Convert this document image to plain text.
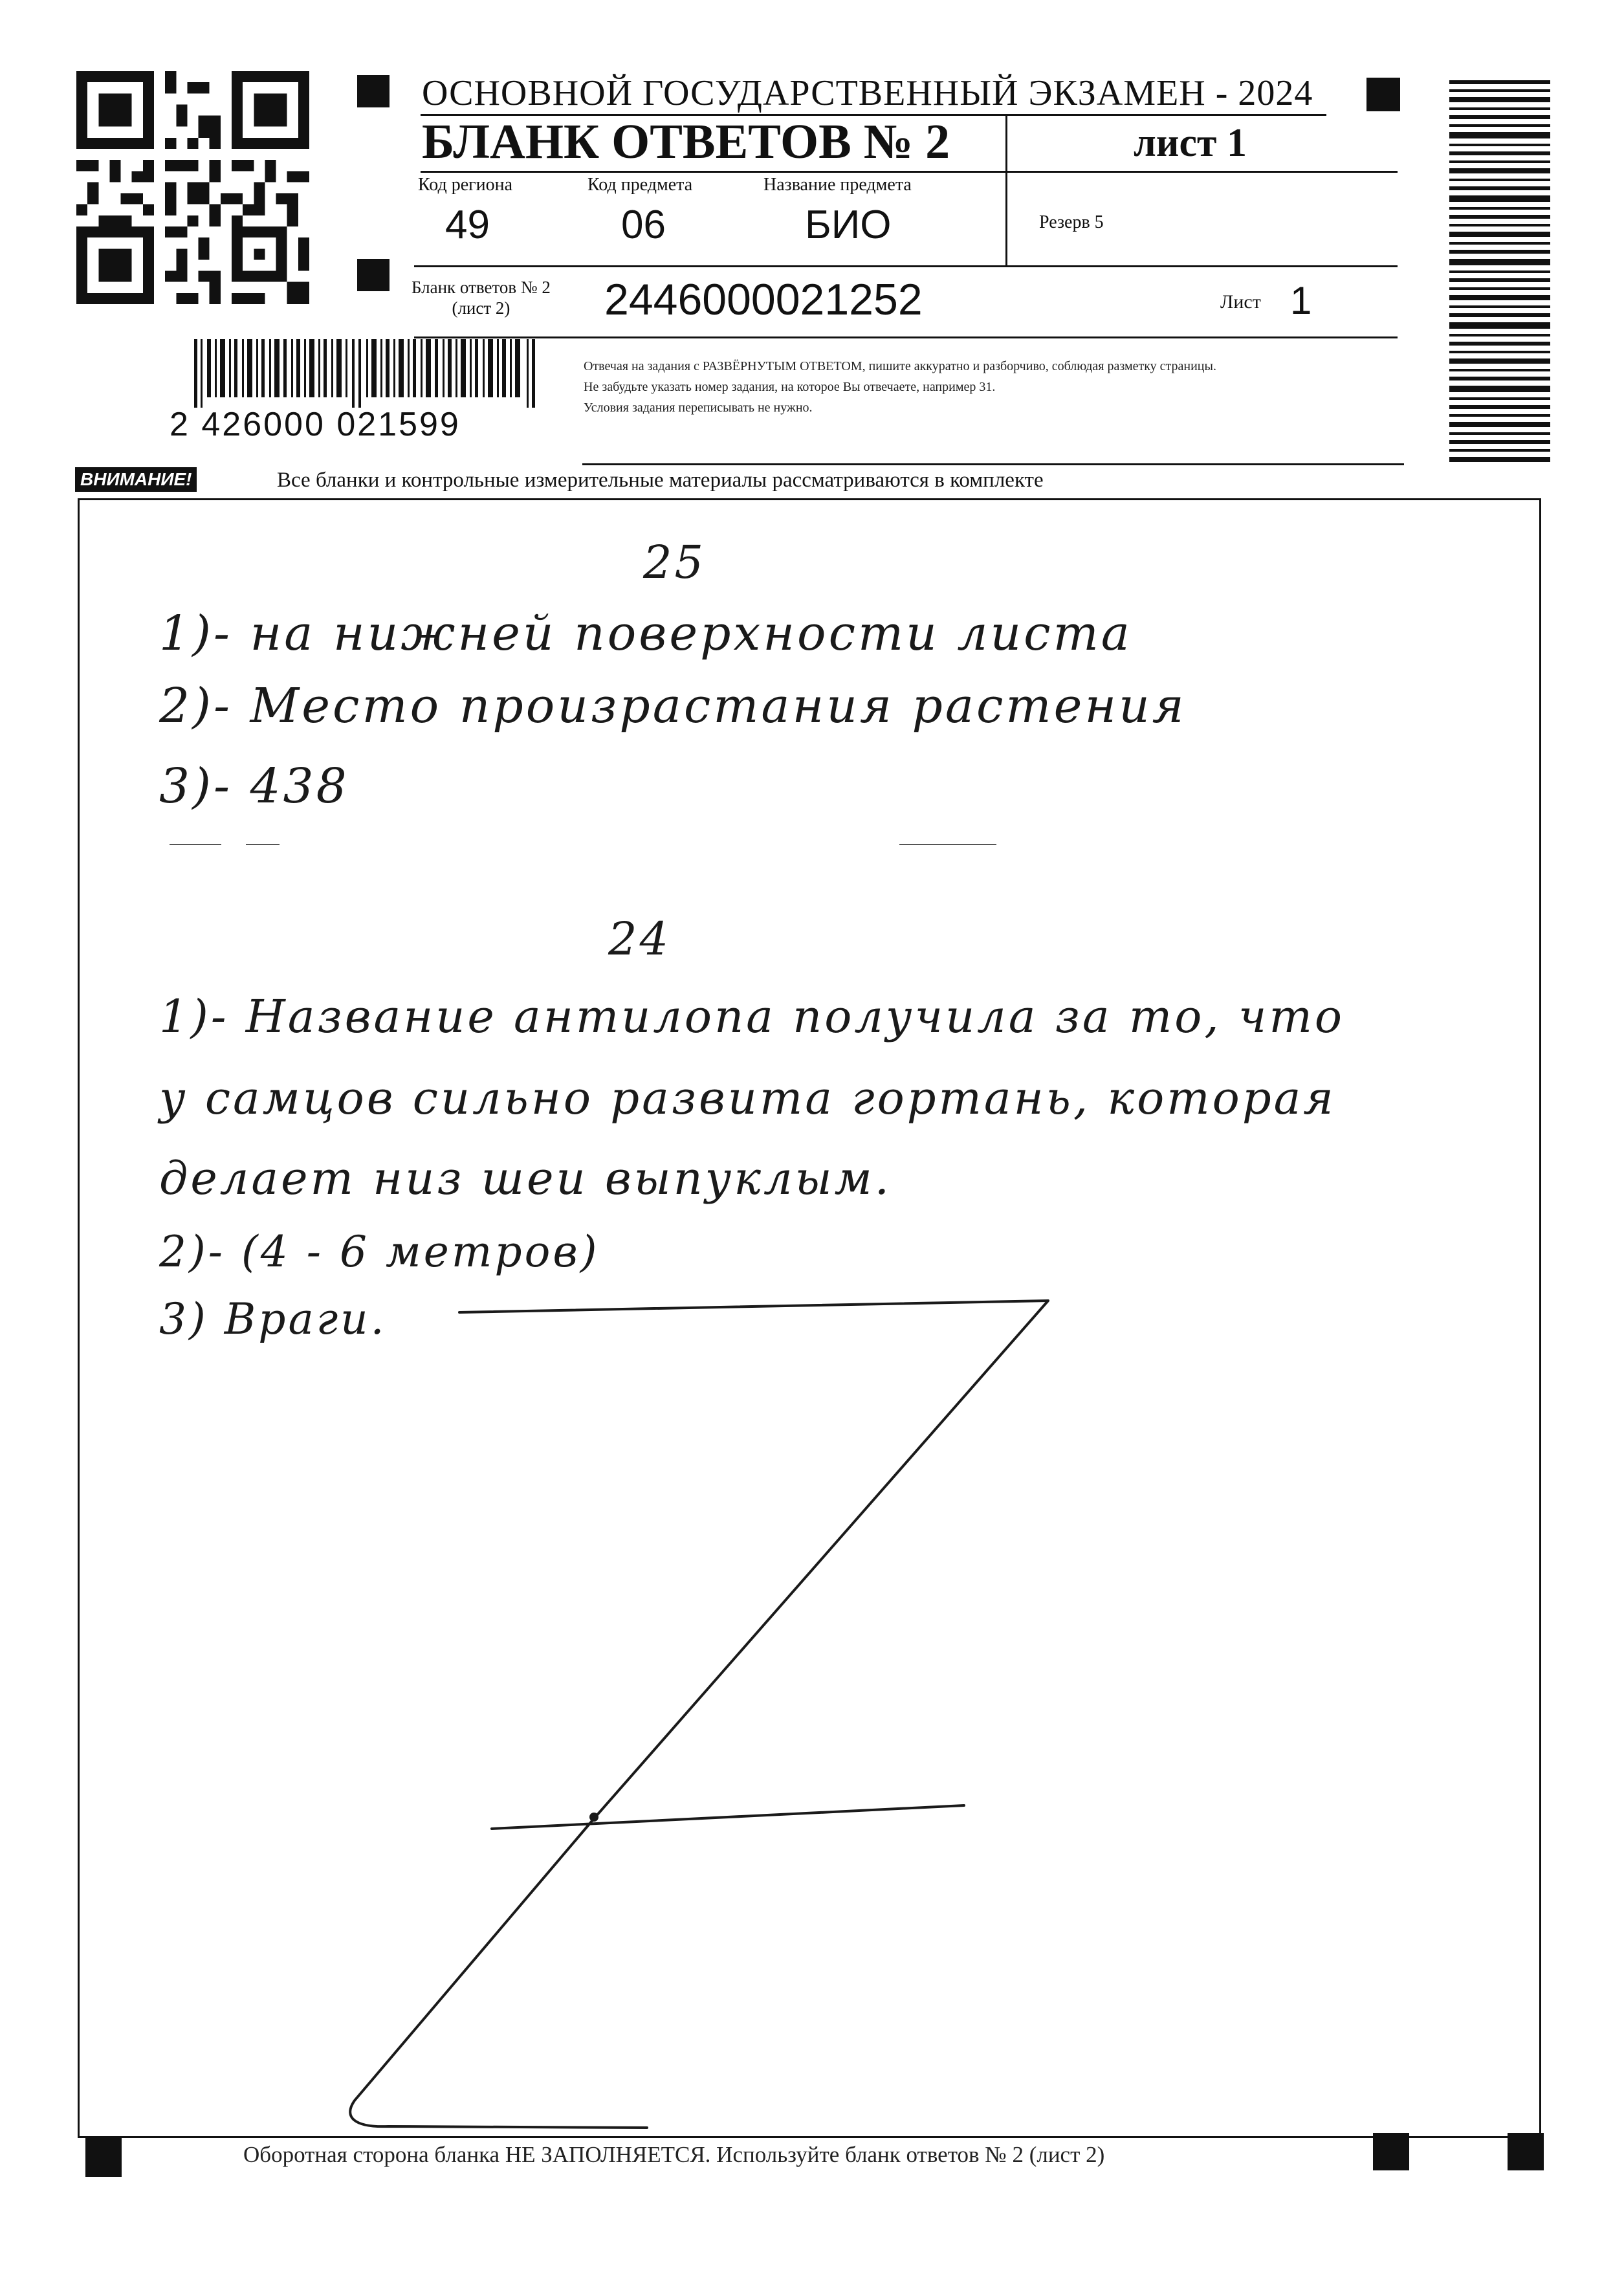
ОСНОВНОЙ ГОСУДАРСТВЕННЫЙ ЭКЗАМЕН - 2024
БЛАНК ОТВЕТОВ № 2	лист 1
Код региона
49
Код предмета
06
Название предмета
БИО	Резерв 5
Бланк ответов № 2
(лист 2)	2446000021252	Лист 1
Отвечая на задания с РАЗВЁРНУТЫМ ОТВЕТОМ, пишите аккуратно и разборчиво, соблюдая разметку страницы.
Не забудьте указать номер задания, на которое Вы отвечаете, например 31.
Условия задания переписывать не нужно.
2 426000 021599
ВНИМАНИЕ!	Все бланки и контрольные измерительные материалы рассматриваются в комплекте
25
1)- на нижней поверхности листа
2)- Место произрастания растения
3)- 438
24
1)- Название антилопа получила за то, что
у самцов сильно развита гортань, которая
делает низ шеи выпуклым.
2)- (4 - 6 метров)
3) Враги.
Оборотная сторона бланка НЕ ЗАПОЛНЯЕТСЯ. Используйте бланк ответов № 2 (лист 2)
